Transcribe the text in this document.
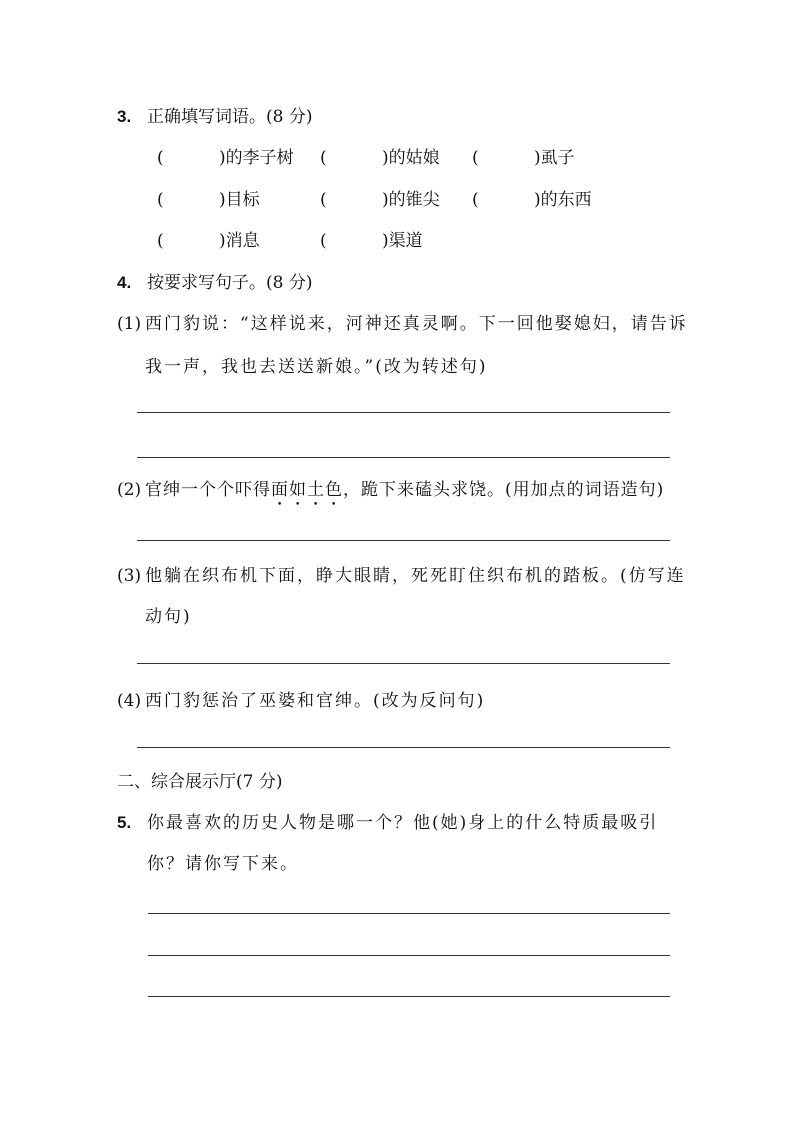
3. 正确填写词语。(8 分)
(	)的李子树 (	)的姑娘 (	)虱子
(	)目标	(	)的锥尖 (	)的东西
(	)消息	(	)渠道
4. 按要求写句子。(8 分)
(1) 西门豹说：“这样说来，河神还真灵啊。下一回他娶媳妇，请告诉
我一声，我也去送送新娘。”(改为转述句)
(2) 官绅一个个吓得面如土色，跪下来磕头求饶。(用加点的词语造句)
(3) 他躺在织布机下面，睁大眼睛，死死盯住织布机的踏板。(仿写连
动句)
(4) 西门豹惩治了巫婆和官绅。(改为反问句)
二、综合展示厅(7 分)
5. 你最喜欢的历史人物是哪一个？他(她)身上的什么特质最吸引
你？请你写下来。
